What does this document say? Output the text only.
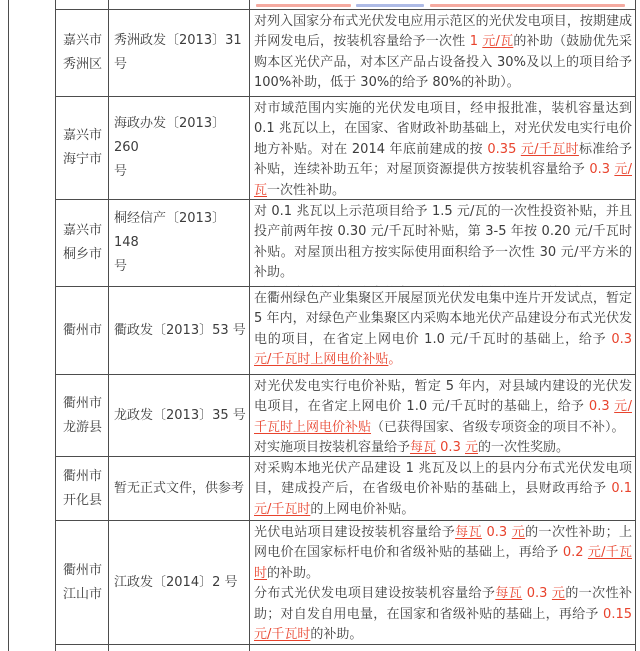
嘉兴市
秀洲区
秀洲政发〔2013〕31
号
对列入国家分布式光伏发电应用示范区的光伏发电项目，按期建成并网发电后，按装机容量给予一次性 1 元/瓦的补助（鼓励优先采购本区光伏产品，对本区产品占设备投入 30%及以上的项目给予 100%补助，低于 30%的给予 80%的补助）。
嘉兴市
海宁市
海政办发〔2013〕260
号
对市域范围内实施的光伏发电项目，经申报批准，装机容量达到 0.1 兆瓦以上，在国家、省财政补助基础上，对光伏发电实行电价地方补贴。对在 2014 年底前建成的按 0.35 元/千瓦时标准给予补贴，连续补助五年；对屋顶资源提供方按装机容量给予 0.3 元/瓦一次性补助。
嘉兴市
桐乡市
桐经信产〔2013〕148
号
对 0.1 兆瓦以上示范项目给予 1.5 元/瓦的一次性投资补贴，并且投产前两年按 0.30 元/千瓦时补贴，第 3-5 年按 0.20 元/千瓦时补贴。对屋顶出租方按实际使用面积给予一次性 30 元/平方米的补助。
衢州市 衢政发〔2013〕53 号
在衢州绿色产业集聚区开展屋顶光伏发电集中连片开发试点，暂定 5 年内，对绿色产业集聚区内采购本地光伏产品建设分布式光伏发电的项目，在省定上网电价 1.0 元/千瓦时的基础上，给予 0.3 元/千瓦时上网电价补贴。
衢州市
龙游县
龙政发〔2013〕35 号
对光伏发电实行电价补贴，暂定 5 年内，对县域内建设的光伏发电项目，在省定上网电价 1.0 元/千瓦时的基础上，给予 0.3 元/千瓦时上网电价补贴（已获得国家、省级专项资金的项目不补）。
对实施项目按装机容量给予每瓦 0.3 元的一次性奖励。
衢州市
开化县
暂无正式文件，供参考
对采购本地光伏产品建设 1 兆瓦及以上的县内分布式光伏发电项目，建成投产后，在省级电价补贴的基础上，县财政再给予 0.1 元/千瓦时的上网电价补贴。
衢州市
江山市
江政发〔2014〕2 号
光伏电站项目建设按装机容量给予每瓦 0.3 元的一次性补助；上网电价在国家标杆电价和省级补贴的基础上，再给予 0.2 元/千瓦时的补助。
分布式光伏发电项目建设按装机容量给予每瓦 0.3 元的一次性补助；对自发自用电量，在国家和省级补贴的基础上，再给予 0.15 元/千瓦时的补助。
